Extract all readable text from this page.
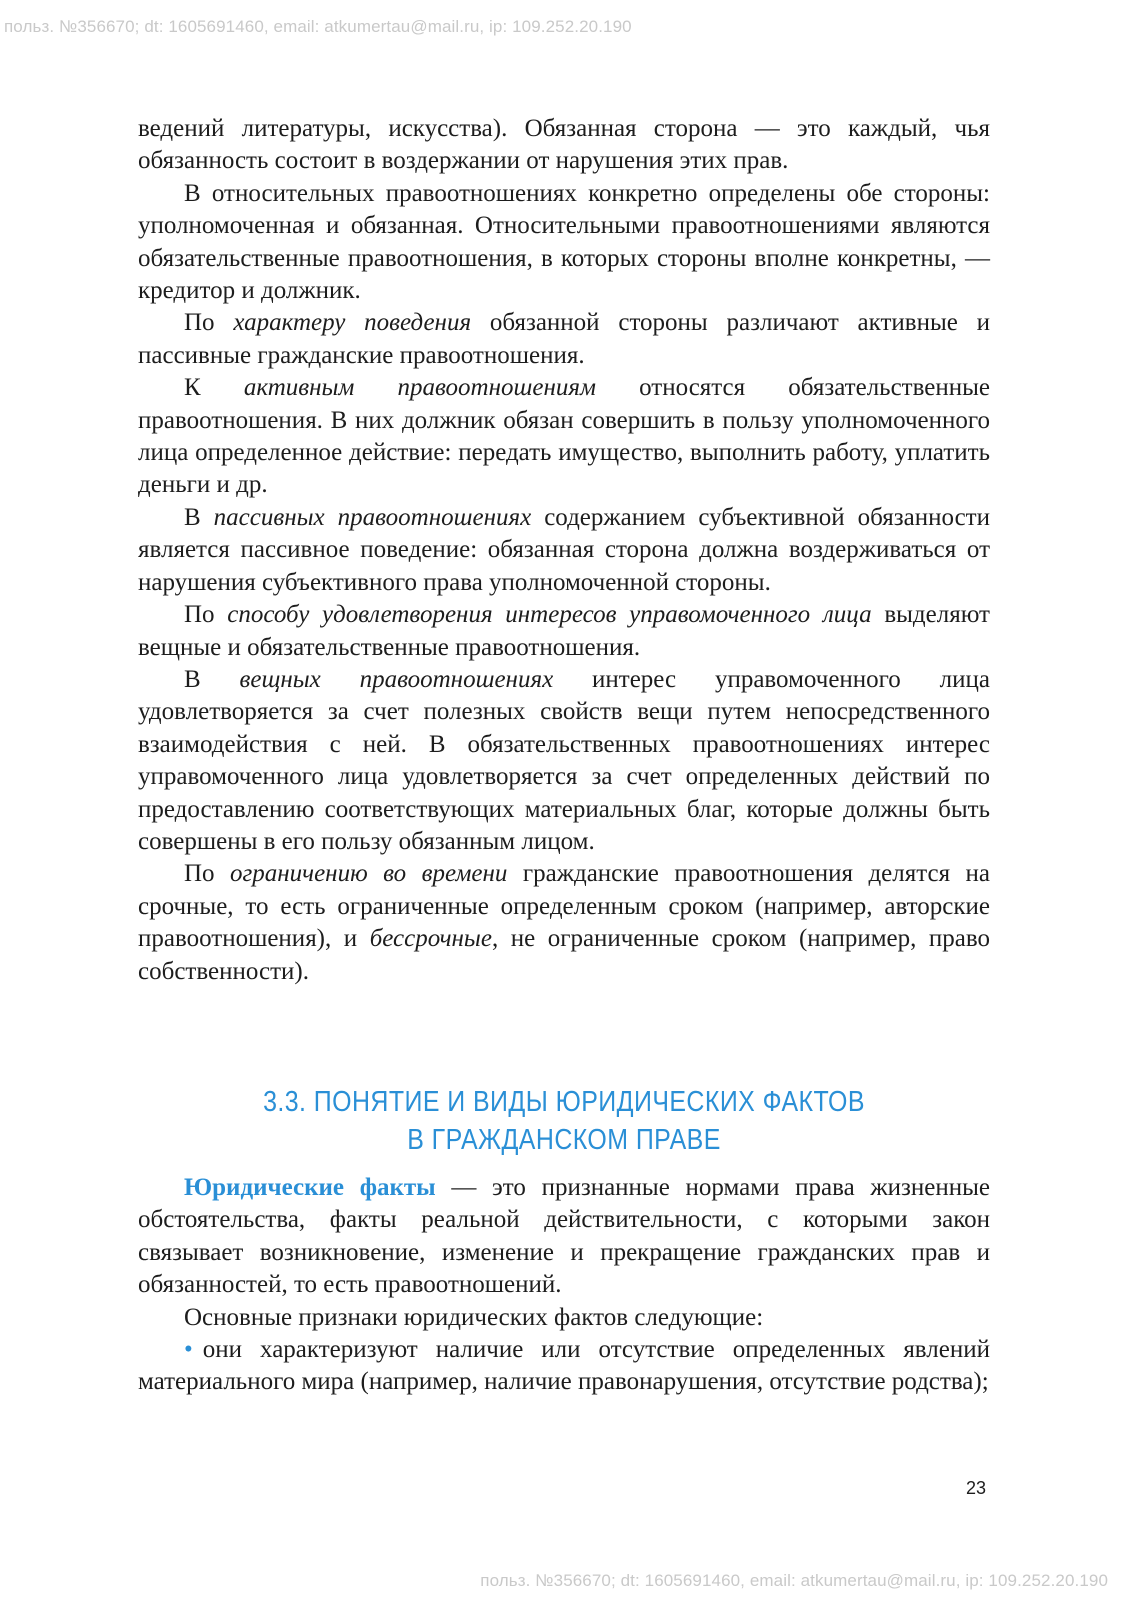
польз. №356670; dt: 1605691460, email: atkumertau@mail.ru, ip: 109.252.20.190

ведений литературы, искусства). Обязанная сторона — это каждый, чья обязанность состоит в воздержании от нарушения этих прав.

В относительных правоотношениях конкретно определены обе стороны: уполномоченная и обязанная. Относительными правоотношениями являются обязательственные правоотношения, в которых стороны вполне конкретны, — кредитор и должник.

По характеру поведения обязанной стороны различают активные и пассивные гражданские правоотношения.

К активным правоотношениям относятся обязательственные правоотношения. В них должник обязан совершить в пользу уполномоченного лица определенное действие: передать имущество, выполнить работу, уплатить деньги и др.

В пассивных правоотношениях содержанием субъективной обязанности является пассивное поведение: обязанная сторона должна воздерживаться от нарушения субъективного права уполномоченной стороны.

По способу удовлетворения интересов управомоченного лица выделяют вещные и обязательственные правоотношения.

В вещных правоотношениях интерес управомоченного лица удовлетворяется за счет полезных свойств вещи путем непосредственного взаимодействия с ней. В обязательственных правоотношениях интерес управомоченного лица удовлетворяется за счет определенных действий по предоставлению соответствующих материальных благ, которые должны быть совершены в его пользу обязанным лицом.

По ограничению во времени гражданские правоотношения делятся на срочные, то есть ограниченные определенным сроком (например, авторские правоотношения), и бессрочные, не ограниченные сроком (например, право собственности).

3.3. ПОНЯТИЕ И ВИДЫ ЮРИДИЧЕСКИХ ФАКТОВ
В ГРАЖДАНСКОМ ПРАВЕ

Юридические факты — это признанные нормами права жизненные обстоятельства, факты реальной действительности, с которыми закон связывает возникновение, изменение и прекращение гражданских прав и обязанностей, то есть правоотношений.

Основные признаки юридических фактов следующие:

• они характеризуют наличие или отсутствие определенных явлений материального мира (например, наличие правонарушения, отсутствие родства);

23
польз. №356670; dt: 1605691460, email: atkumertau@mail.ru, ip: 109.252.20.190
